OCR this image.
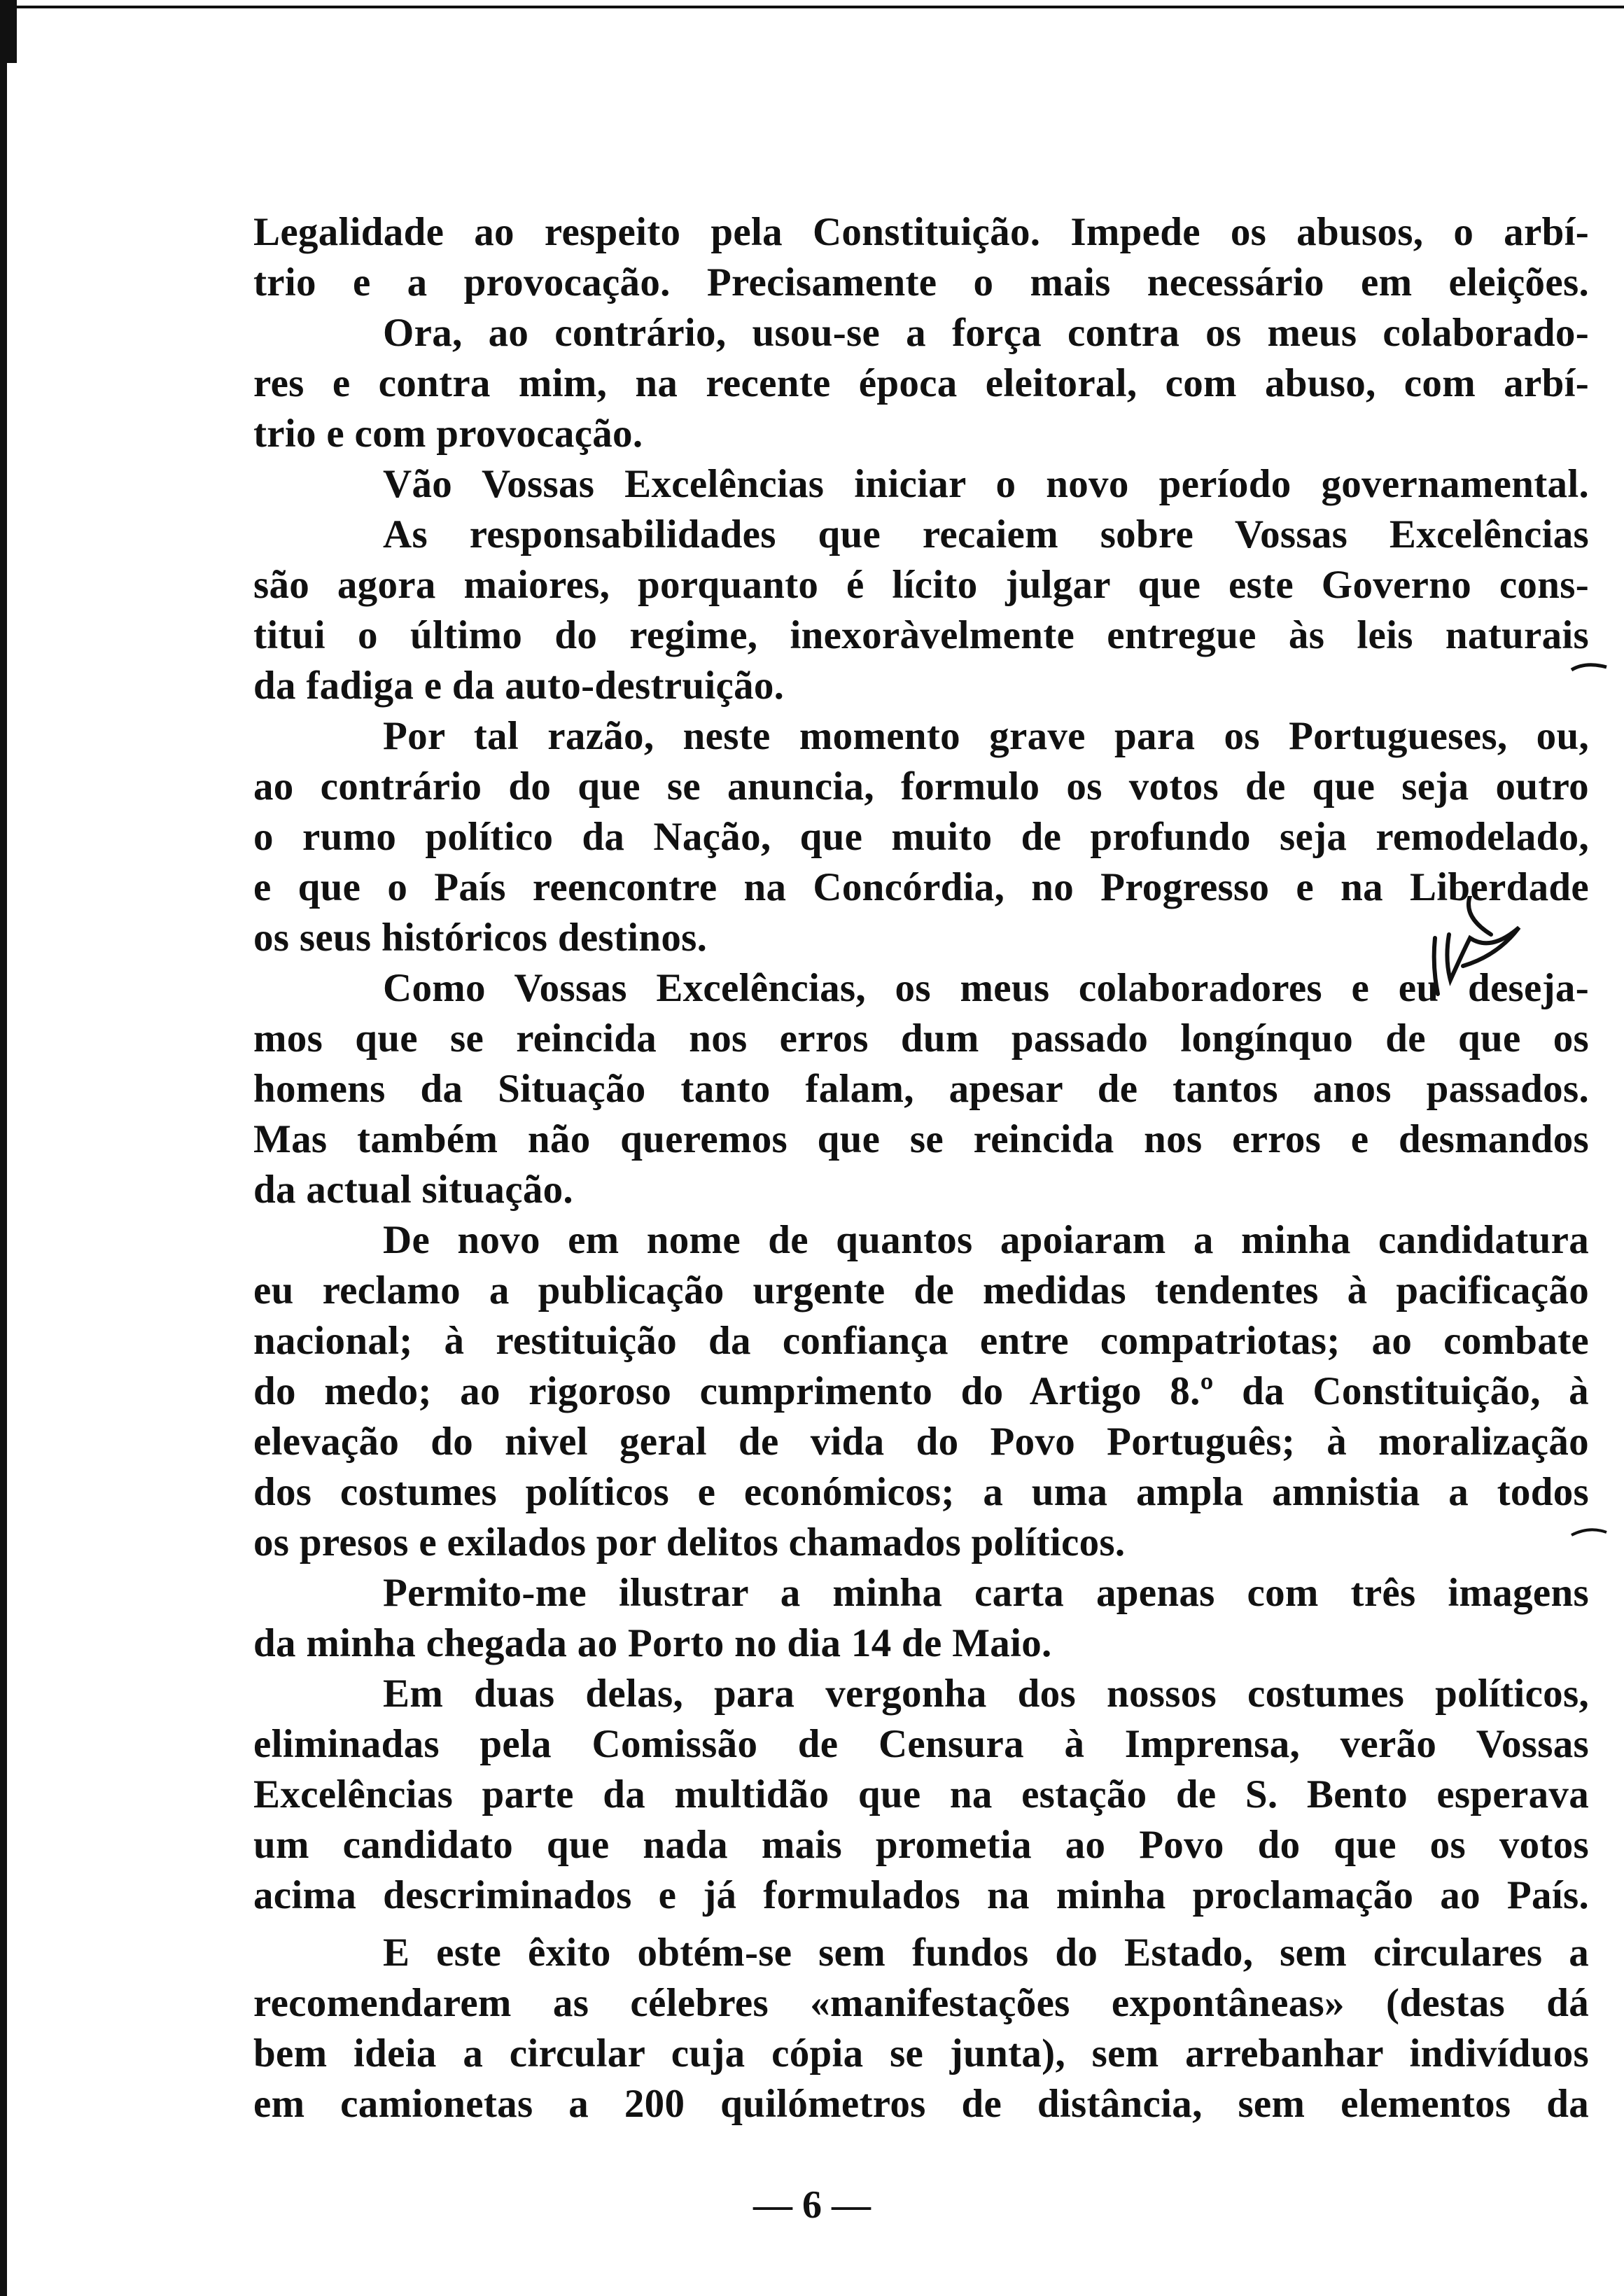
Legalidade ao respeito pela Constituição. Impede os abusos, o arbí-
trio e a provocação. Precisamente o mais necessário em eleições.
Ora, ao contrário, usou-se a força contra os meus colaborado-
res e contra mim, na recente época eleitoral, com abuso, com arbí-
trio e com provocação.
Vão Vossas Excelências iniciar o novo período governamental.
As responsabilidades que recaiem sobre Vossas Excelências
são agora maiores, porquanto é lícito julgar que este Governo cons-
titui o último do regime, inexoràvelmente entregue às leis naturais
da fadiga e da auto-destruição.
Por tal razão, neste momento grave para os Portugueses, ou,
ao contrário do que se anuncia, formulo os votos de que seja outro
o rumo político da Nação, que muito de profundo seja remodelado,
e que o País reencontre na Concórdia, no Progresso e na Liberdade
os seus históricos destinos.
Como Vossas Excelências, os meus colaboradores e eu deseja-
mos que se reincida nos erros dum passado longínquo de que os
homens da Situação tanto falam, apesar de tantos anos passados.
Mas também não queremos que se reincida nos erros e desmandos
da actual situação.
De novo em nome de quantos apoiaram a minha candidatura
eu reclamo a publicação urgente de medidas tendentes à pacificação
nacional; à restituição da confiança entre compatriotas; ao combate
do medo; ao rigoroso cumprimento do Artigo 8.º da Constituição, à
elevação do nivel geral de vida do Povo Português; à moralização
dos costumes políticos e económicos; a uma ampla amnistia a todos
os presos e exilados por delitos chamados políticos.
Permito-me ilustrar a minha carta apenas com três imagens
da minha chegada ao Porto no dia 14 de Maio.
Em duas delas, para vergonha dos nossos costumes políticos,
eliminadas pela Comissão de Censura à Imprensa, verão Vossas
Excelências parte da multidão que na estação de S. Bento esperava
um candidato que nada mais prometia ao Povo do que os votos
acima descriminados e já formulados na minha proclamação ao País.
E este êxito obtém-se sem fundos do Estado, sem circulares a
recomendarem as célebres «manifestações expontâneas» (destas dá
bem ideia a circular cuja cópia se junta), sem arrebanhar indivíduos
em camionetas a 200 quilómetros de distância, sem elementos da
— 6 —
